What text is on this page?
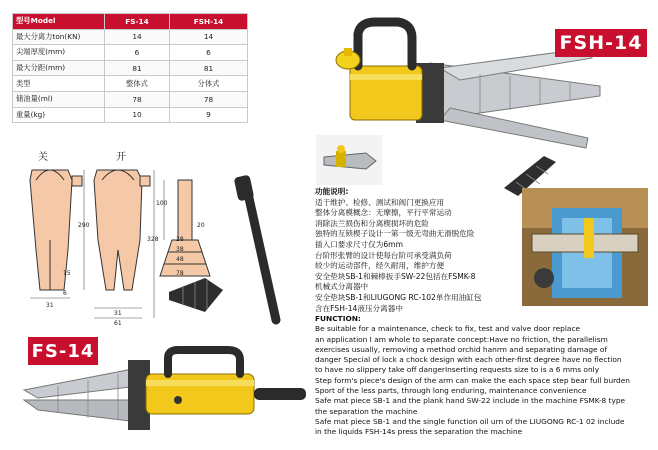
型号Model	FS-14	FSH-14
最大分离力ton(KN)	14	14
尖端厚度(mm)	6	6
最大分距(mm)	81	81
类型	整体式	分体式
储油量(ml)	78	78
重量(kg)	10	9
FSH-14
关	开
290
328
100
15
6
31
61
31
28
38
48
78
20
FS-14
功能说明:
适于维护、检修、测试和阀门更换应用
整体分离模概念：无摩擦，平行平常运动
消除法兰损伤和分离楔损坏的危险
独特的互锁楔子设计一第一级无弯曲无滑脱危险
插入口要求尺寸仅为6mm
台阶形张臂的设计使每台阶可承受满负荷
较少的运动部件，经久耐用，维护方便
安全垫块SB-1和棘棒扳手SW-22包括在FSMK-8
机械式分离器中
安全垫块SB-1和LIUGONG RC-102单作用油缸包
含在FSH-14液压分离器中
FUNCTION:
Be suitable for a maintenance, check to fix, test and valve door replace
an application I am whole to separate concept:Have no friction, the parallelism
exercises usually, removing a method orchid hanrm and separating damage of
danger Special of lock a chock design with each other-first degree have no flection
to have no slippery take off dangerInserting requests size to is a 6 mms only
Step form's piece's design of the arm can make the each space step bear full burden
Sport of the less parts, through long enduring, maintenance convenience
Safe mat piece SB-1 and the plank hand SW-22 include in the machine FSMK-8 type
the separation the machine
Safe mat piece SB-1 and the single function oil urn of the LIUGONG RC-1 02 include
in the liquids FSH-14s press the separation the machine
